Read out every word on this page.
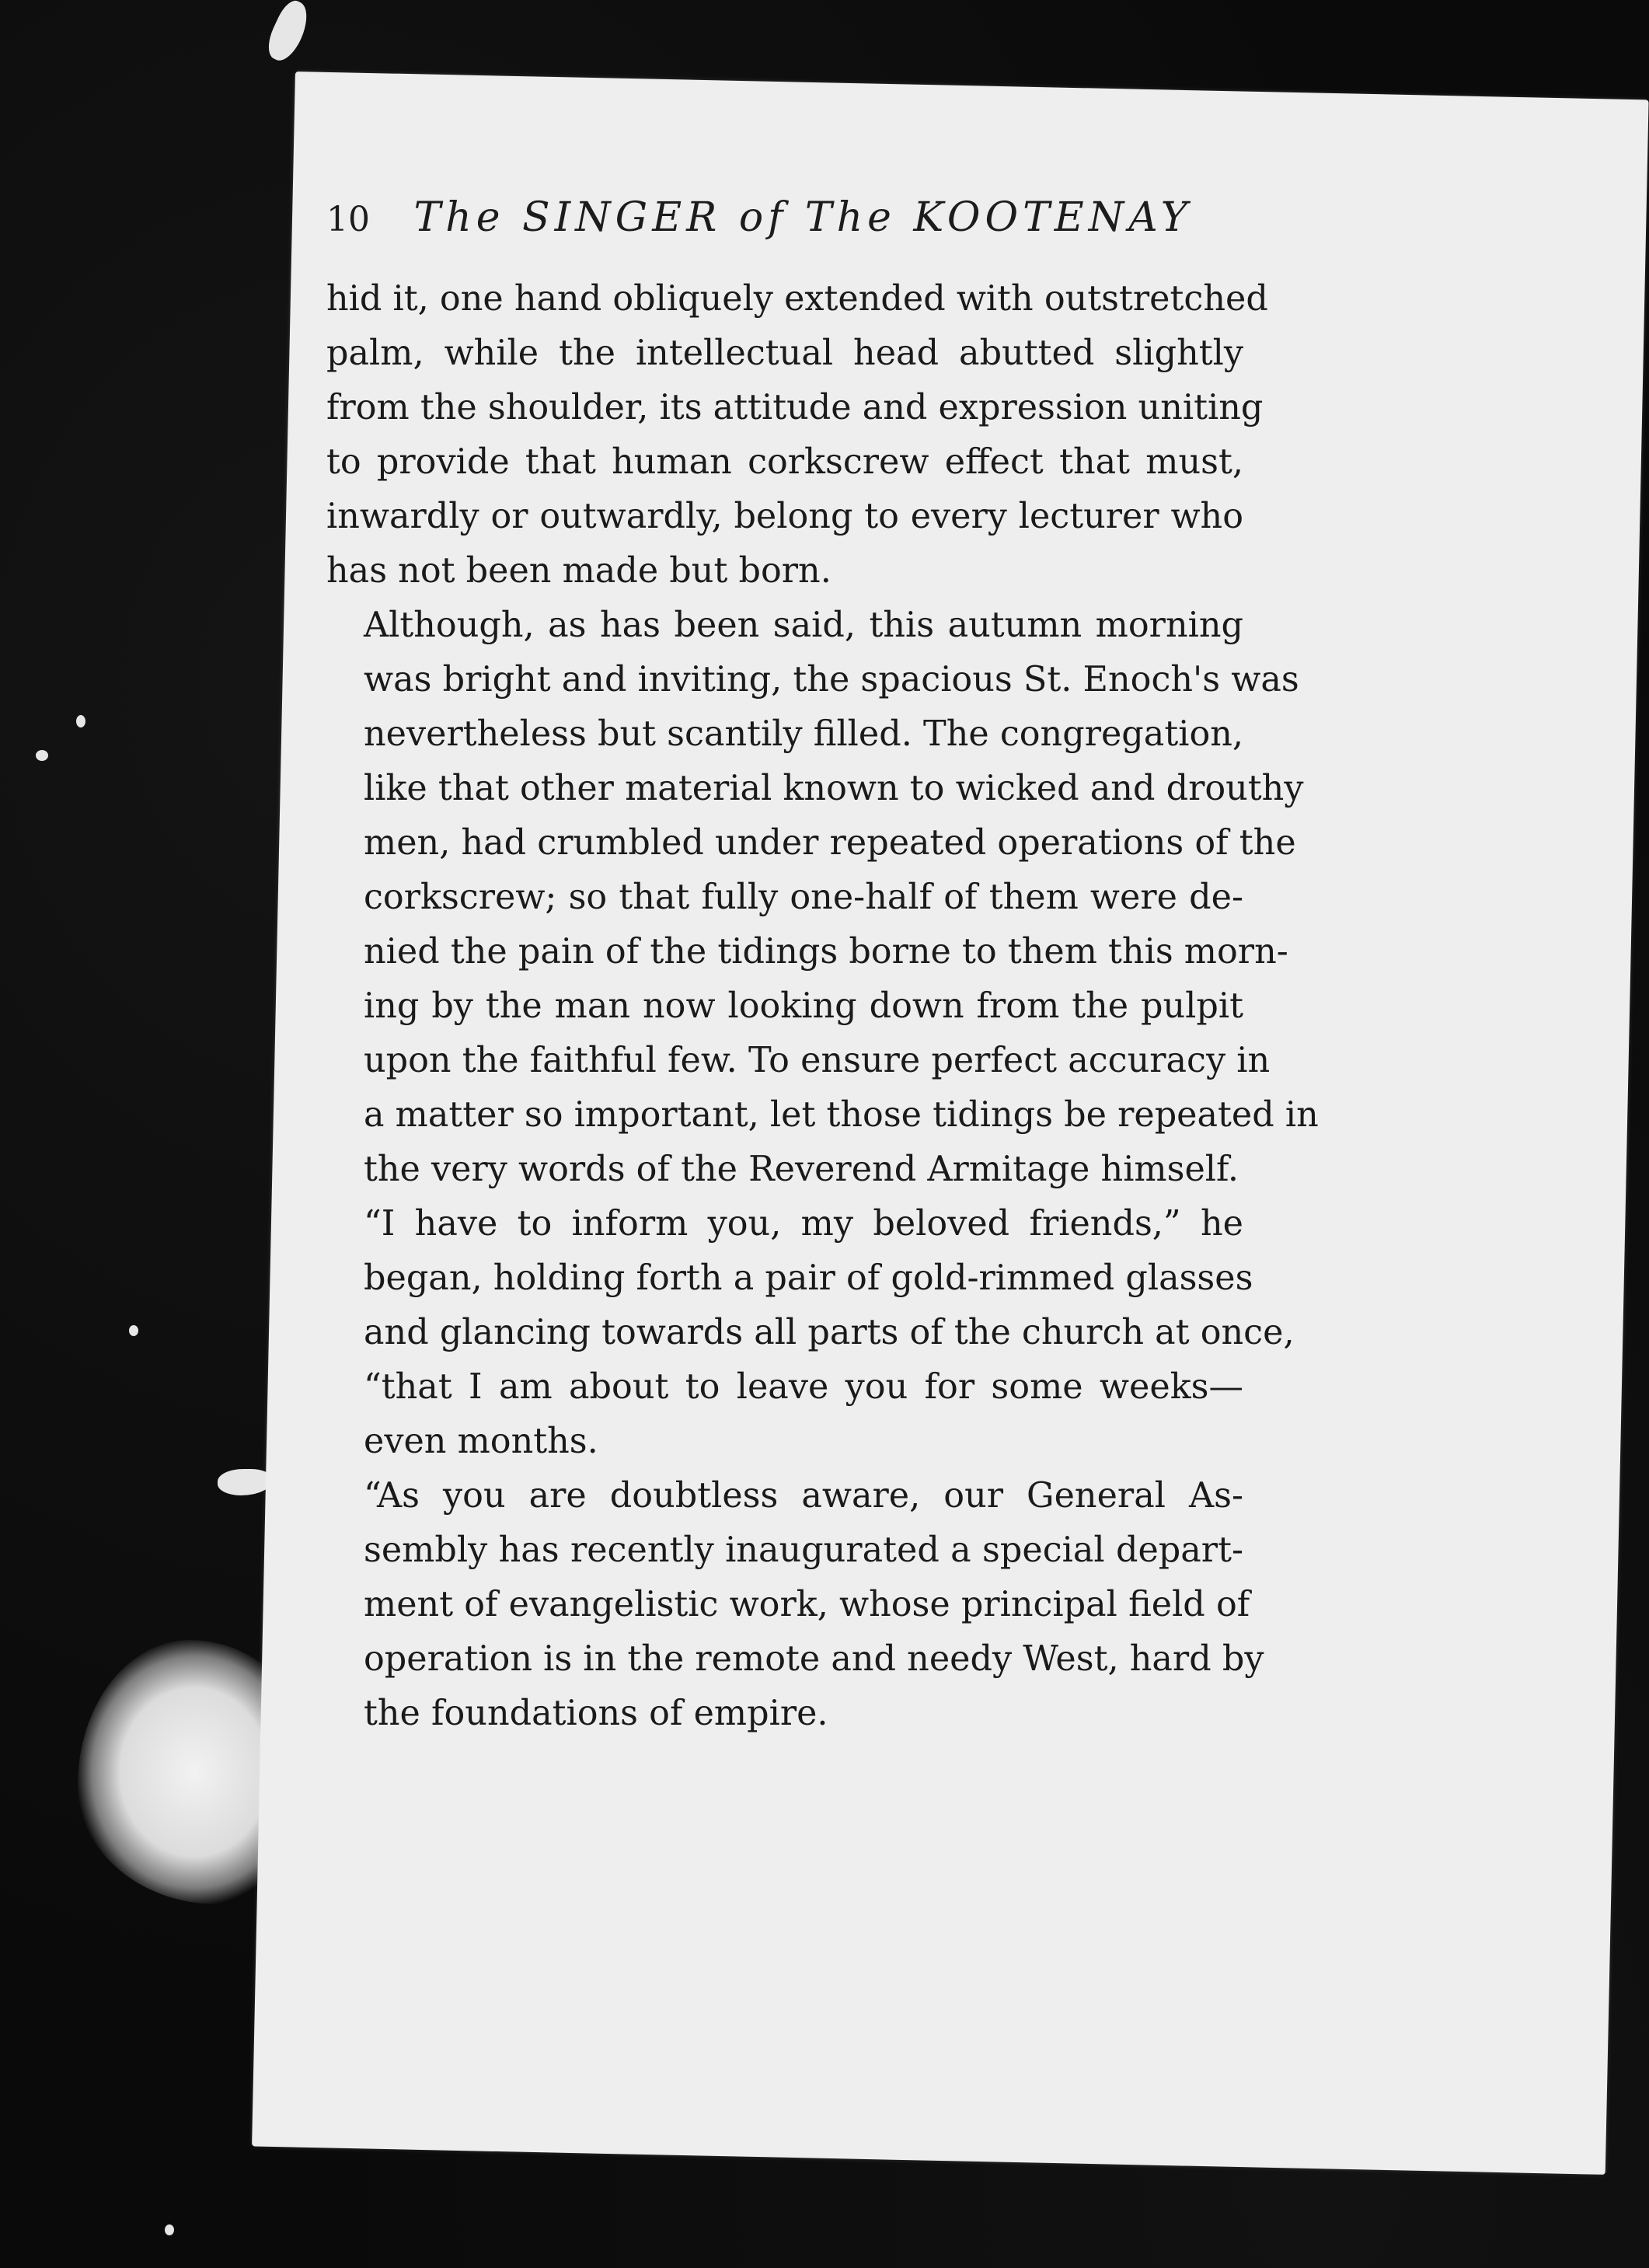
10 The SINGER of The KOOTENAY
hid it, one hand obliquely extended with outstretched
palm, while the intellectual head abutted slightly
from the shoulder, its attitude and expression uniting
to provide that human corkscrew effect that must,
inwardly or outwardly, belong to every lecturer who
has not been made but born.
Although, as has been said, this autumn morning
was bright and inviting, the spacious St. Enoch's was
nevertheless but scantily filled. The congregation,
like that other material known to wicked and drouthy
men, had crumbled under repeated operations of the
corkscrew; so that fully one-half of them were de-
nied the pain of the tidings borne to them this morn-
ing by the man now looking down from the pulpit
upon the faithful few. To ensure perfect accuracy in
a matter so important, let those tidings be repeated in
the very words of the Reverend Armitage himself.
“I have to inform you, my beloved friends,” he
began, holding forth a pair of gold-rimmed glasses
and glancing towards all parts of the church at once,
“that I am about to leave you for some weeks—
even months.
“As you are doubtless aware, our General As-
sembly has recently inaugurated a special depart-
ment of evangelistic work, whose principal field of
operation is in the remote and needy West, hard by
the foundations of empire.
